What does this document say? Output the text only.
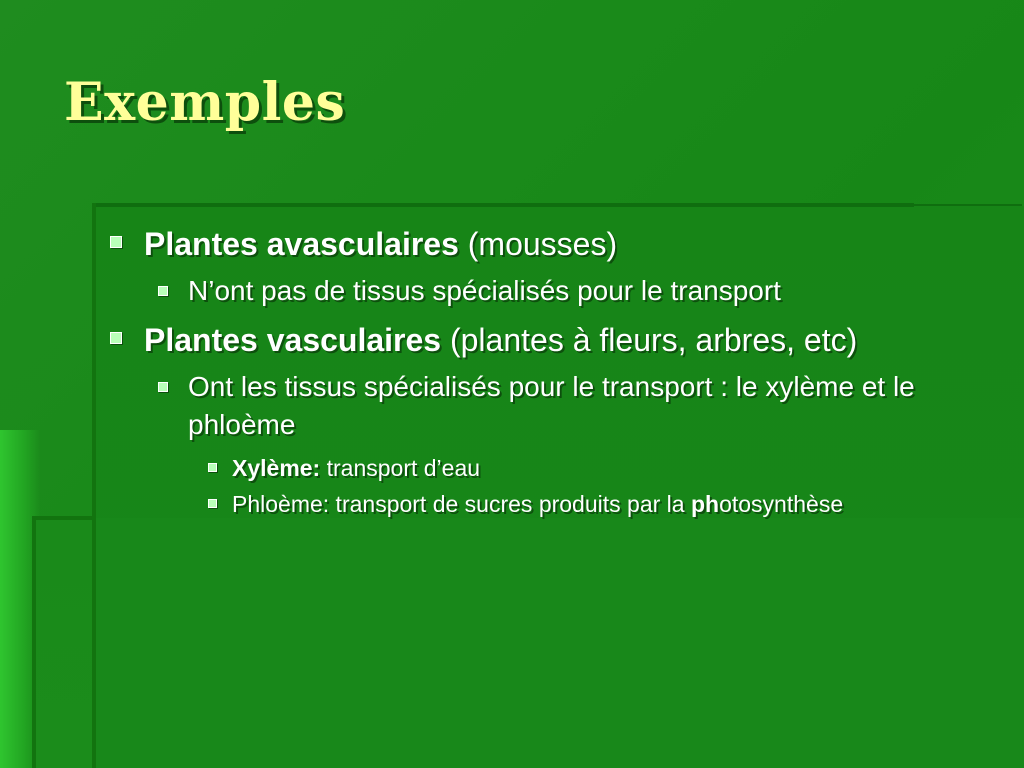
Exemples

Plantes avasculaires (mousses)

N’ont pas de tissus spécialisés pour le transport

Plantes vasculaires (plantes à fleurs, arbres, etc)

Ont les tissus spécialisés pour le transport : le xylème et le phloème

Xylème: transport d’eau

Phloème: transport de sucres produits par la photosynthèse
